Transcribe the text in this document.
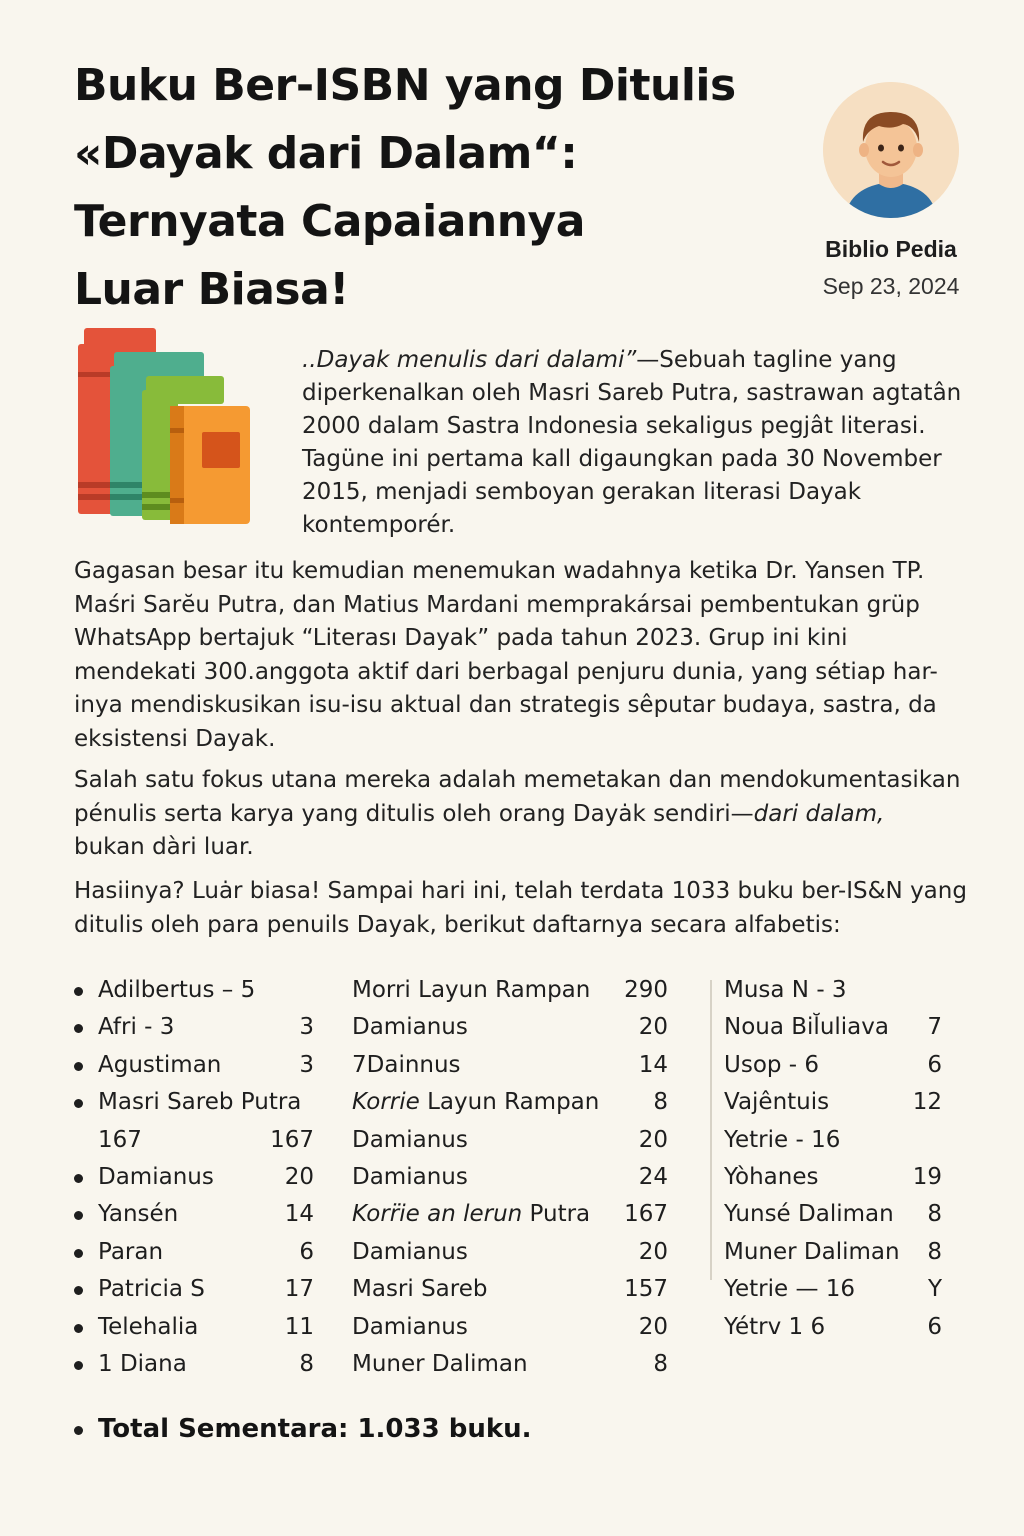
Buku Ber-ISBN yang Ditulis
«Dayak dari Dalam“:
Ternyata Capaiannya
Luar Biasa!
Biblio Pedia
Sep 23, 2024
..Dayak menulis dari dalami”—Sebuah tagline yang
diperkenalkan oleh Masri Sareb Putra, sastrawan agtatân
2000 dalam Sastra Indonesia sekaligus pegjât literasi.
Tagüne ini pertama kall digaungkan pada 30 November
2015, menjadi semboyan gerakan literasi Dayak
kontemporér.
Gagasan besar itu kemudian menemukan wadahnya ketika Dr. Yansen TP.
Maśri Sarĕu Putra, dan Matius Mardani memprakársai pembentukan grüp
WhatsApp bertajuk “Literası Dayak” pada tahun 2023. Grup ini kini
mendekati 300.anggota aktif dari berbagal penjuru dunia, yang sétiap har-
inya mendiskusikan isu-isu aktual dan strategis sêputar budaya, sastra, da
eksistensi Dayak.
Salah satu fokus utana mereka adalah memetakan dan mendokumentasikan
pénulis serta karya yang ditulis oleh orang Dayȧk sendiri—dari dalam,
bukan dàri luar.
Hasiinya? Luȧr biasa! Sampai hari ini, telah terdata 1033 buku ber-IS&N yang
ditulis oleh para penuils Dayak, berikut daftarnya secara alfabetis:
Adilbertus – 5
Afri - 3	3
Agustiman	3
Masri Sareb Putra
167	167
Damianus	20
Yansén	14
Paran	6
Patricia S	17
Telehalia	11
1 Diana	8
Morri Layun Rampan 290
Damianus	20
7Dainnus	14
Korrie Layun Rampan 8
Damianus	20
Damianus	24
Korr̈ie an lerun Putra 167
Damianus	20
Masri Sareb	157
Damianus	20
Muner Daliman	8
Musa N - 3
Noua Bil̆uliava 7
Usop - 6	6
Vajêntuis	12
Yetrie - 16
Yòhanes	19
Yunsé Daliman 8
Muner Daliman 8
Yetrie — 16	Y
Yétrv 1 6	6
Total Sementara: 1.033 buku.
